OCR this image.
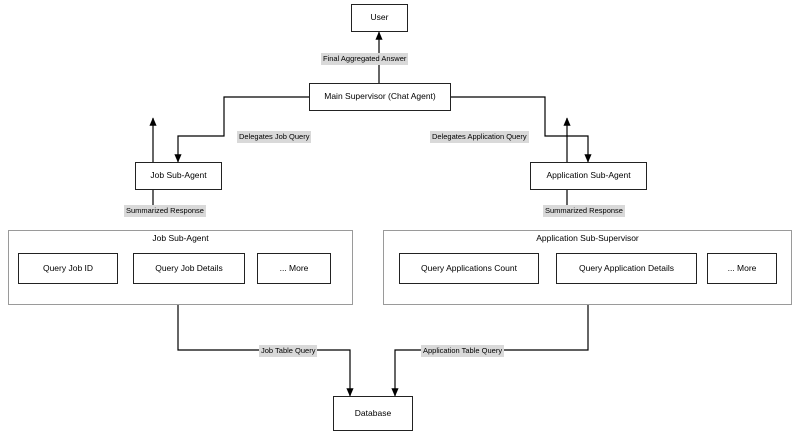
User
Main Supervisor (Chat Agent)
Job Sub-Agent	Application Sub-Agent
Job Sub-Agent	Application Sub-Supervisor
Query Job ID	Query Job Details	... More	Query Applications Count	Query Application Details	... More
Database
Final Aggregated Answer
Delegates Job Query	Delegates Application Query
Summarized Response	Summarized Response
Job Table Query	Application Table Query
